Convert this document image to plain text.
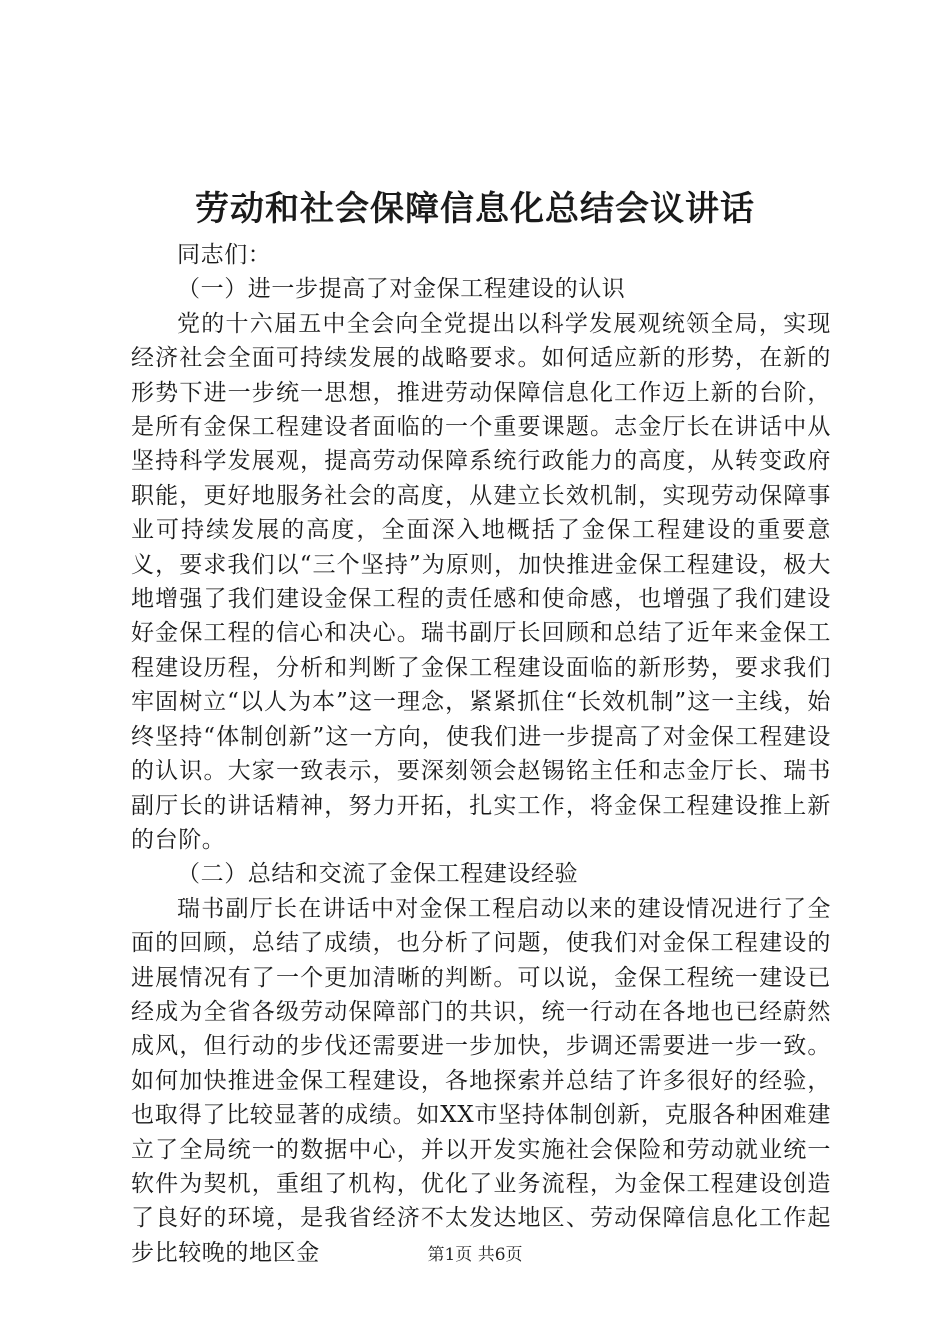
劳动和社会保障信息化总结会议讲话

同志们：

（一）进一步提高了对金保工程建设的认识

党的十六届五中全会向全党提出以科学发展观统领全局，实现经济社会全面可持续发展的战略要求。如何适应新的形势，在新的形势下进一步统一思想，推进劳动保障信息化工作迈上新的台阶，是所有金保工程建设者面临的一个重要课题。志金厅长在讲话中从坚持科学发展观，提高劳动保障系统行政能力的高度，从转变政府职能，更好地服务社会的高度，从建立长效机制，实现劳动保障事业可持续发展的高度，全面深入地概括了金保工程建设的重要意义，要求我们以“三个坚持”为原则，加快推进金保工程建设，极大地增强了我们建设金保工程的责任感和使命感，也增强了我们建设好金保工程的信心和决心。瑞书副厅长回顾和总结了近年来金保工程建设历程，分析和判断了金保工程建设面临的新形势，要求我们牢固树立“以人为本”这一理念，紧紧抓住“长效机制”这一主线，始终坚持“体制创新”这一方向，使我们进一步提高了对金保工程建设的认识。大家一致表示，要深刻领会赵锡铭主任和志金厅长、瑞书副厅长的讲话精神，努力开拓，扎实工作，将金保工程建设推上新的台阶。

（二）总结和交流了金保工程建设经验

瑞书副厅长在讲话中对金保工程启动以来的建设情况进行了全面的回顾，总结了成绩，也分析了问题，使我们对金保工程建设的进展情况有了一个更加清晰的判断。可以说，金保工程统一建设已经成为全省各级劳动保障部门的共识，统一行动在各地也已经蔚然成风，但行动的步伐还需要进一步加快，步调还需要进一步一致。如何加快推进金保工程建设，各地探索并总结了许多很好的经验，也取得了比较显著的成绩。如XX市坚持体制创新，克服各种困难建立了全局统一的数据中心，并以开发实施社会保险和劳动就业统一软件为契机，重组了机构，优化了业务流程，为金保工程建设创造了良好的环境，是我省经济不太发达地区、劳动保障信息化工作起步比较晚的地区金	第1页 共6页
